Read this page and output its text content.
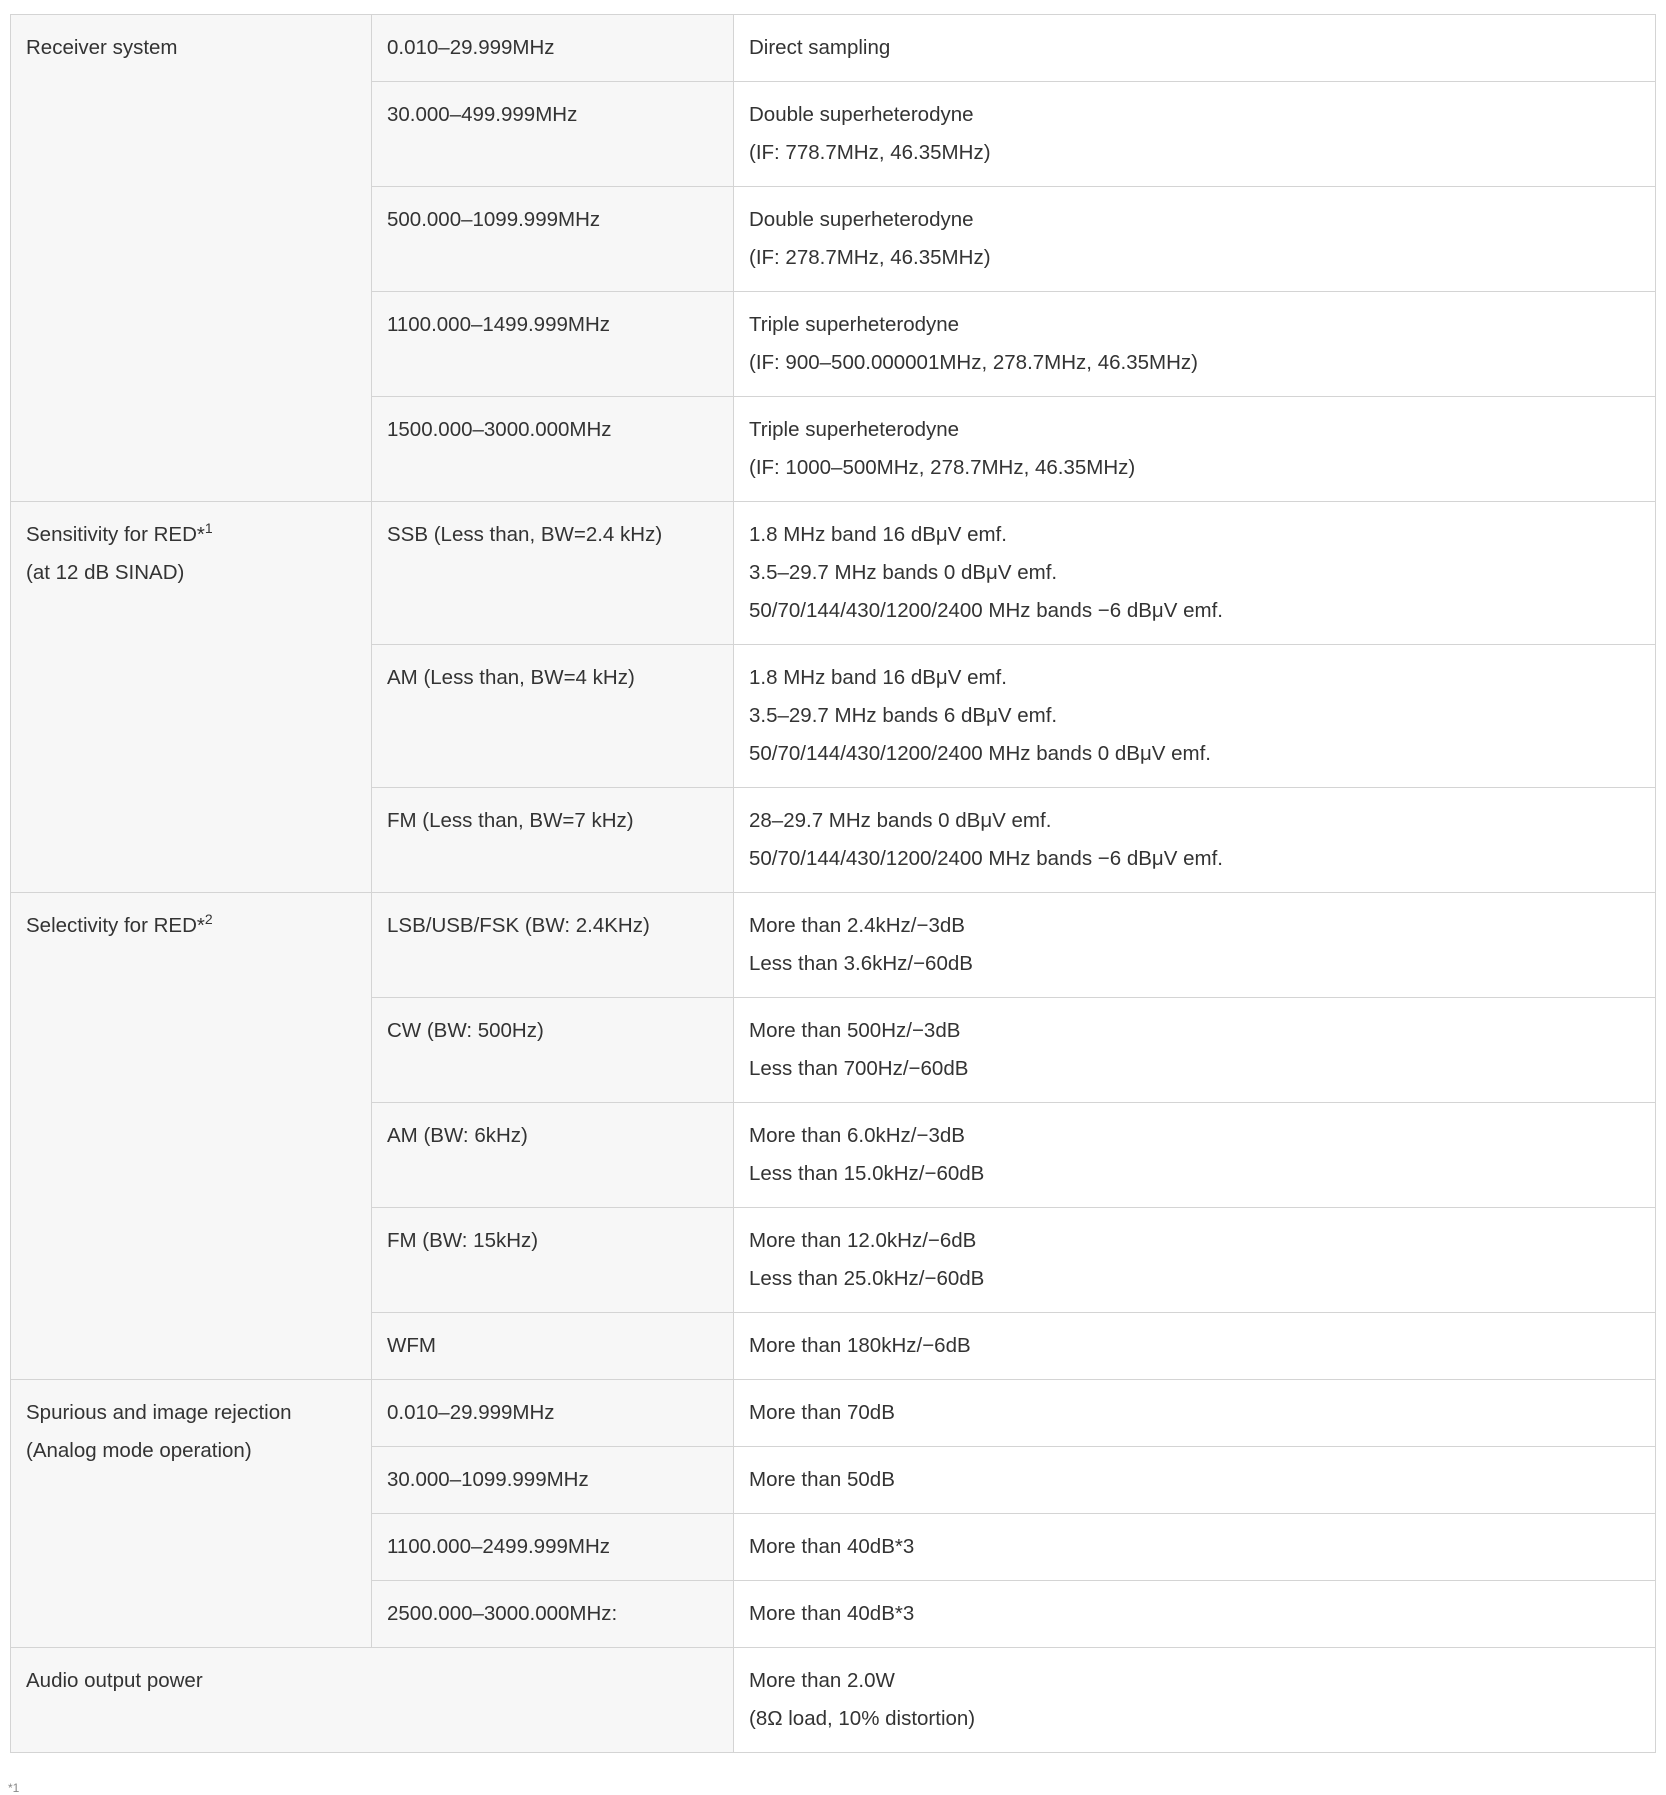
Receiver system	0.010–29.999MHz	Direct sampling

	30.000–499.999MHz	Double superheterodyne
(IF: 778.7MHz, 46.35MHz)

	500.000–1099.999MHz	Double superheterodyne
(IF: 278.7MHz, 46.35MHz)

	1100.000–1499.999MHz	Triple superheterodyne
(IF: 900–500.000001MHz, 278.7MHz, 46.35MHz)

	1500.000–3000.000MHz	Triple superheterodyne
(IF: 1000–500MHz, 278.7MHz, 46.35MHz)

Sensitivity for RED*$^1$
(at 12 dB SINAD)	SSB (Less than, BW=2.4 kHz)	1.8 MHz band 16 dBμV emf.
3.5–29.7 MHz bands 0 dBμV emf.
50/70/144/430/1200/2400 MHz bands −6 dBμV emf.

	AM (Less than, BW=4 kHz)	1.8 MHz band 16 dBμV emf.
3.5–29.7 MHz bands 6 dBμV emf.
50/70/144/430/1200/2400 MHz bands 0 dBμV emf.

	FM (Less than, BW=7 kHz)	28–29.7 MHz bands 0 dBμV emf.
50/70/144/430/1200/2400 MHz bands −6 dBμV emf.

Selectivity for RED*$^2$	LSB/USB/FSK (BW: 2.4KHz)	More than 2.4kHz/−3dB
Less than 3.6kHz/−60dB

	CW (BW: 500Hz)	More than 500Hz/−3dB
Less than 700Hz/−60dB

	AM (BW: 6kHz)	More than 6.0kHz/−3dB
Less than 15.0kHz/−60dB

	FM (BW: 15kHz)	More than 12.0kHz/−6dB
Less than 25.0kHz/−60dB

	WFM	More than 180kHz/−6dB

Spurious and image rejection
(Analog mode operation)	0.010–29.999MHz	More than 70dB

	30.000–1099.999MHz	More than 50dB

	1100.000–2499.999MHz	More than 40dB*3

	2500.000–3000.000MHz:	More than 40dB*3

Audio output power		More than 2.0W
(8Ω load, 10% distortion)
*1
